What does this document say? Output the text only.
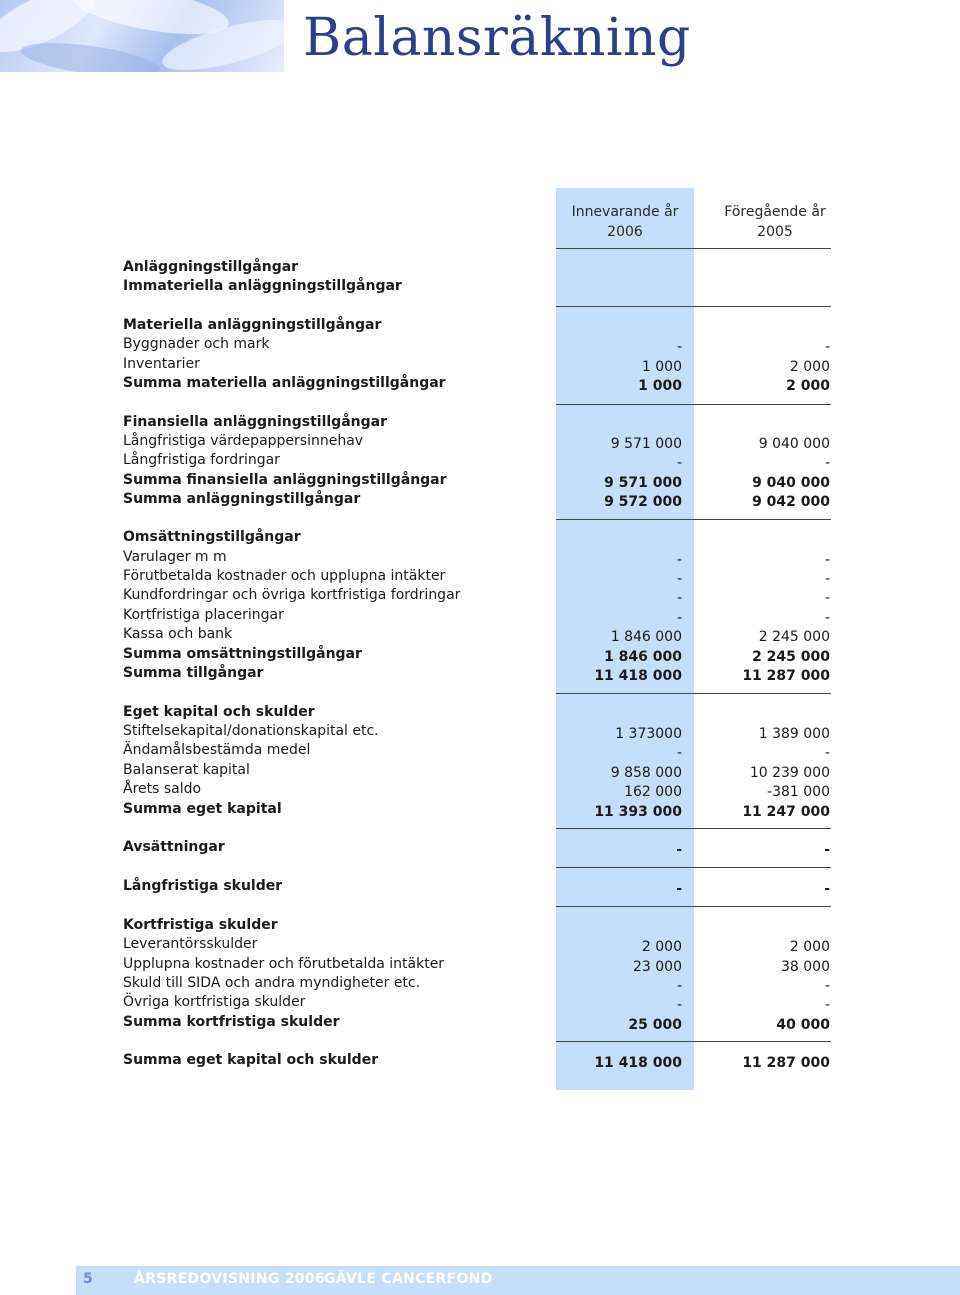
Balansräkning
Innevarande år
2006
Föregående år
2005
Anläggningstillgångar
Immateriella anläggningstillgångar
Materiella anläggningstillgångar
Byggnader och mark	-	-
Inventarier	1 000	2 000
Summa materiella anläggningstillgångar	1 000	2 000
Finansiella anläggningstillgångar
Långfristiga värdepappersinnehav	9 571 000	9 040 000
Långfristiga fordringar	-	-
Summa finansiella anläggningstillgångar	9 571 000	9 040 000
Summa anläggningstillgångar	9 572 000	9 042 000
Omsättningstillgångar
Varulager m m	-	-
Förutbetalda kostnader och upplupna intäkter	-	-
Kundfordringar och övriga kortfristiga fordringar	-	-
Kortfristiga placeringar	-	-
Kassa och bank	1 846 000	2 245 000
Summa omsättningstillgångar	1 846 000	2 245 000
Summa tillgångar	11 418 000	11 287 000
Eget kapital och skulder
Stiftelsekapital/donationskapital etc.	1 373000	1 389 000
Ändamålsbestämda medel	-	-
Balanserat kapital	9 858 000	10 239 000
Årets saldo	162 000	-381 000
Summa eget kapital	11 393 000	11 247 000
Avsättningar	-	-
Långfristiga skulder	-	-
Kortfristiga skulder
Leverantörsskulder	2 000	2 000
Upplupna kostnader och förutbetalda intäkter	23 000	38 000
Skuld till SIDA och andra myndigheter etc.	-	-
Övriga kortfristiga skulder	-	-
Summa kortfristiga skulder	25 000	40 000
Summa eget kapital och skulder	11 418 000	11 287 000
5	ÅRSREDOVISNING 2006 GÄVLE CANCERFOND
